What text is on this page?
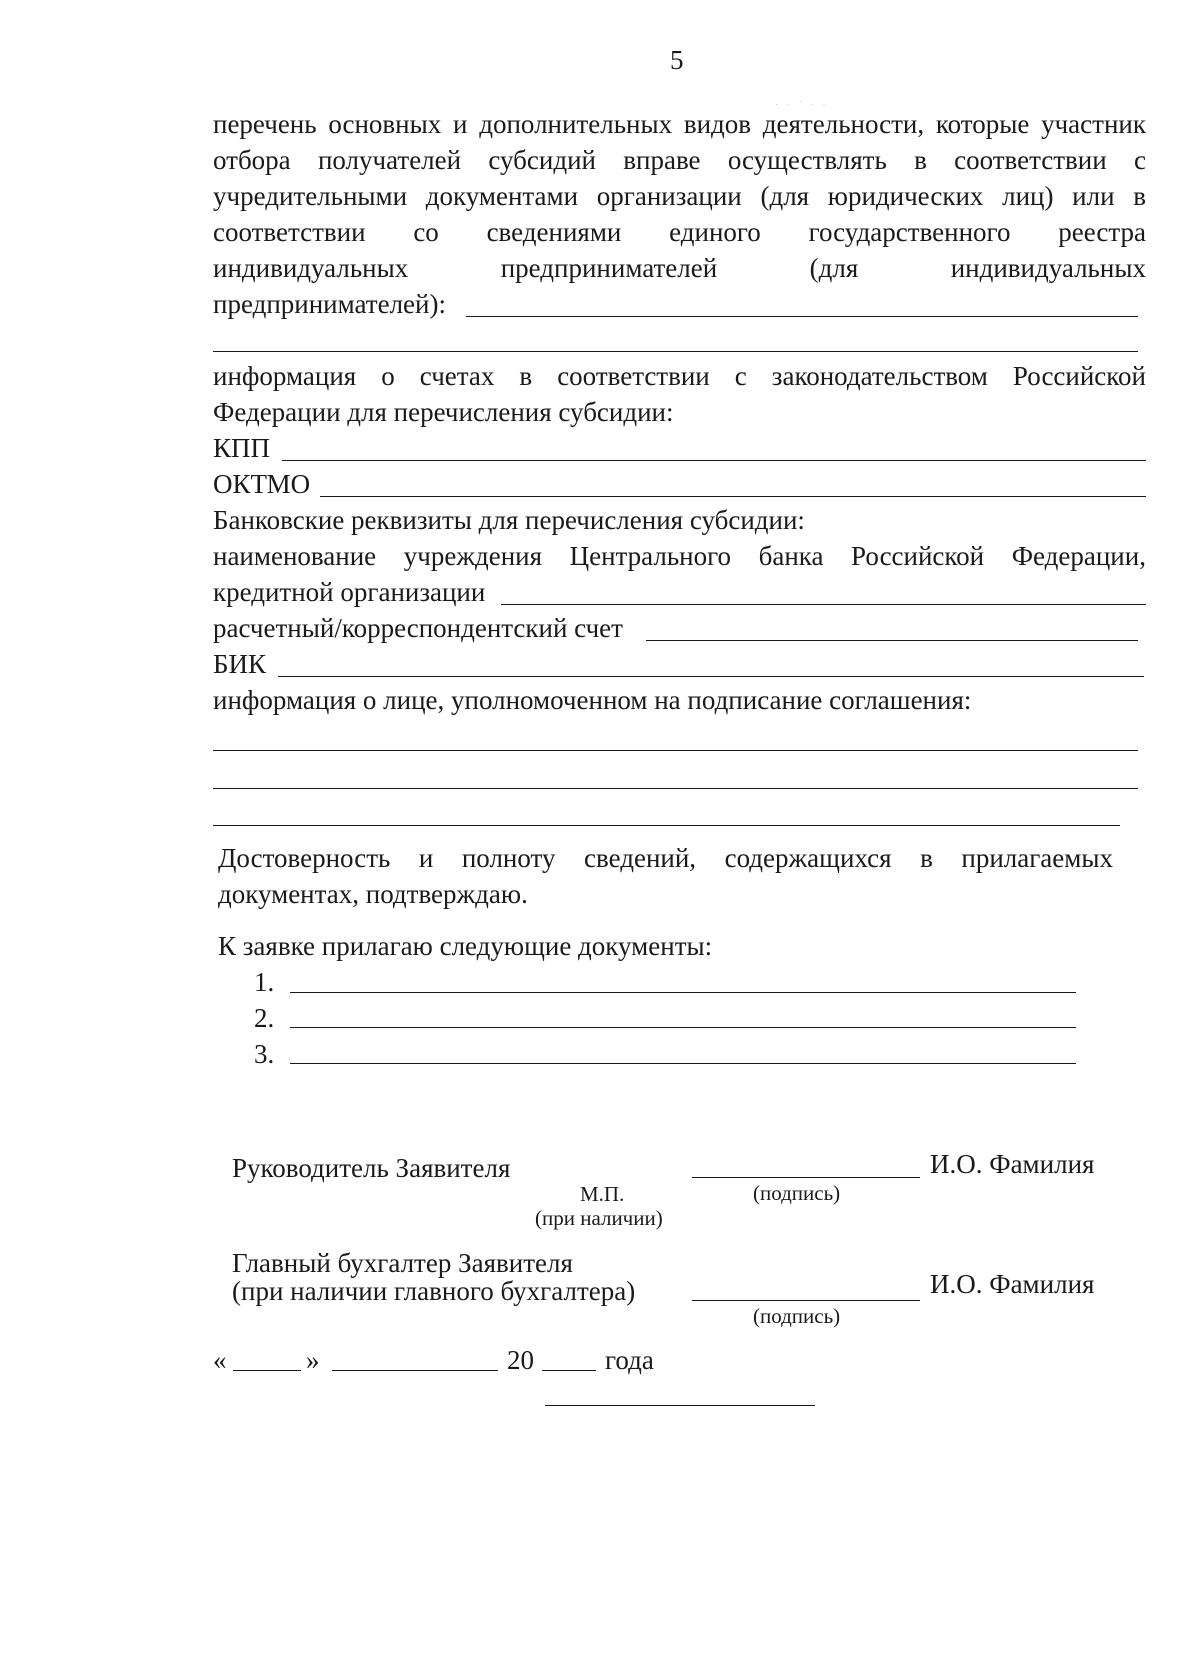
5
· · ˙ · ·
перечень основных и дополнительных видов деятельности, которые участник
отбора получателей субсидий вправе осуществлять в соответствии с
учредительными документами организации (для юридических лиц) или в
соответствии со сведениями единого государственного реестра
индивидуальных	предпринимателей	(для	индивидуальных
предпринимателей):
информация о счетах в соответствии с законодательством Российской
Федерации для перечисления субсидии:
КПП
ОКТМО
Банковские реквизиты для перечисления субсидии:
наименование учреждения Центрального банка Российской Федерации,
кредитной организации
расчетный/корреспондентский счет
БИК
информация о лице, уполномоченном на подписание соглашения:
Достоверность и полноту сведений, содержащихся в прилагаемых
документах, подтверждаю.
К заявке прилагаю следующие документы:
1.
2.
3.
Руководитель Заявителя	И.О. Фамилия
М.П.	(подпись)
(при наличии)
Главный бухгалтер Заявителя
(при наличии главного бухгалтера)	И.О. Фамилия
(подпись)
«	»	20	года
